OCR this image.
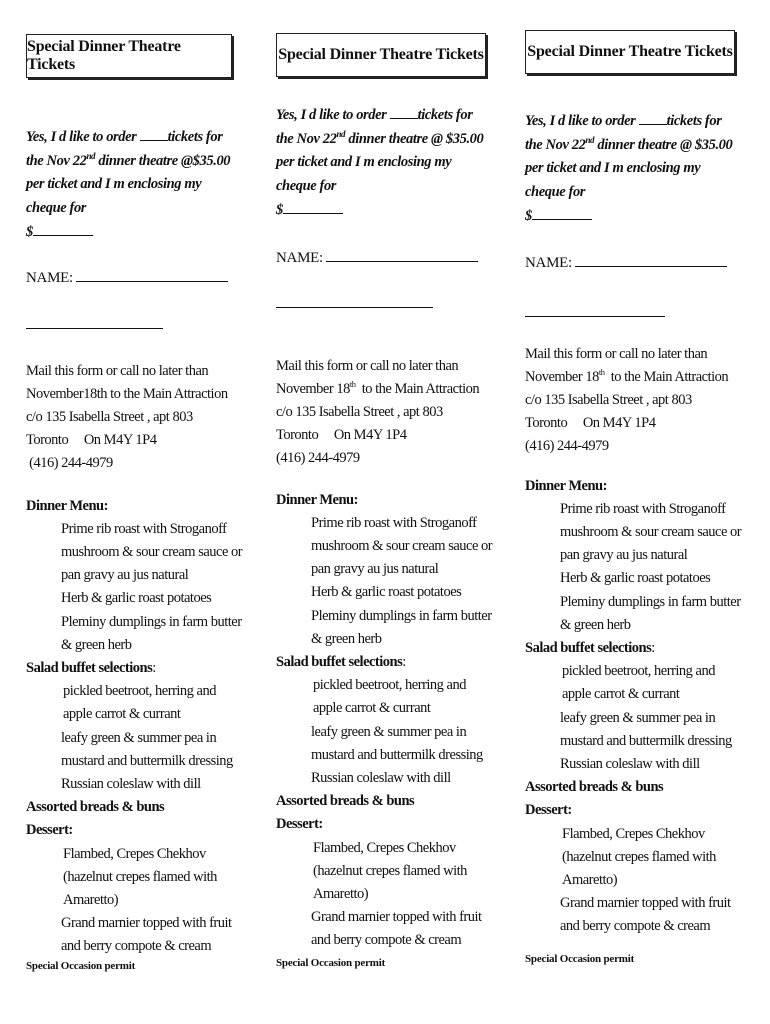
Special Dinner Theatre Tickets
Yes, I d like to order tickets for the Nov 22nd dinner theatre @$35.00 per ticket and I m enclosing my cheque for
$
NAME:
Mail this form or call no later than
November18th to the Main Attraction
c/o 135 Isabella Street , apt 803
Toronto     On M4Y 1P4
(416) 244-4979
Dinner Menu:
Prime rib roast with Stroganoff mushroom & sour cream sauce or pan gravy au jus natural
Herb & garlic roast potatoes
Pleminy dumplings in farm butter & green herb
Salad buffet selections:
pickled beetroot, herring and apple carrot & currant
leafy green & summer pea in mustard and buttermilk dressing
Russian coleslaw with dill
Assorted breads & buns
Dessert:
Flambed, Crepes Chekhov (hazelnut crepes flamed with Amaretto)
Grand marnier topped with fruit and berry compote & cream
Special Occasion permit
Special Dinner Theatre Tickets
Yes, I d like to order tickets for the Nov 22nd dinner theatre @ $35.00 per ticket and I m enclosing my cheque for
$
NAME:
Mail this form or call no later than
November 18th  to the Main Attraction
c/o 135 Isabella Street , apt 803
Toronto     On M4Y 1P4
(416) 244-4979
Dinner Menu:
Prime rib roast with Stroganoff mushroom & sour cream sauce or pan gravy au jus natural
Herb & garlic roast potatoes
Pleminy dumplings in farm butter & green herb
Salad buffet selections:
pickled beetroot, herring and apple carrot & currant
leafy green & summer pea in mustard and buttermilk dressing
Russian coleslaw with dill
Assorted breads & buns
Dessert:
Flambed, Crepes Chekhov (hazelnut crepes flamed with Amaretto)
Grand marnier topped with fruit and berry compote & cream
Special Occasion permit
Special Dinner Theatre Tickets
Yes, I d like to order tickets for the Nov 22nd dinner theatre @ $35.00 per ticket and I m enclosing my cheque for
$
NAME:
Mail this form or call no later than
November 18th  to the Main Attraction
c/o 135 Isabella Street , apt 803
Toronto     On M4Y 1P4
(416) 244-4979
Dinner Menu:
Prime rib roast with Stroganoff mushroom & sour cream sauce or pan gravy au jus natural
Herb & garlic roast potatoes
Pleminy dumplings in farm butter & green herb
Salad buffet selections:
pickled beetroot, herring and apple carrot & currant
leafy green & summer pea in mustard and buttermilk dressing
Russian coleslaw with dill
Assorted breads & buns
Dessert:
Flambed, Crepes Chekhov (hazelnut crepes flamed with Amaretto)
Grand marnier topped with fruit and berry compote & cream
Special Occasion permit
